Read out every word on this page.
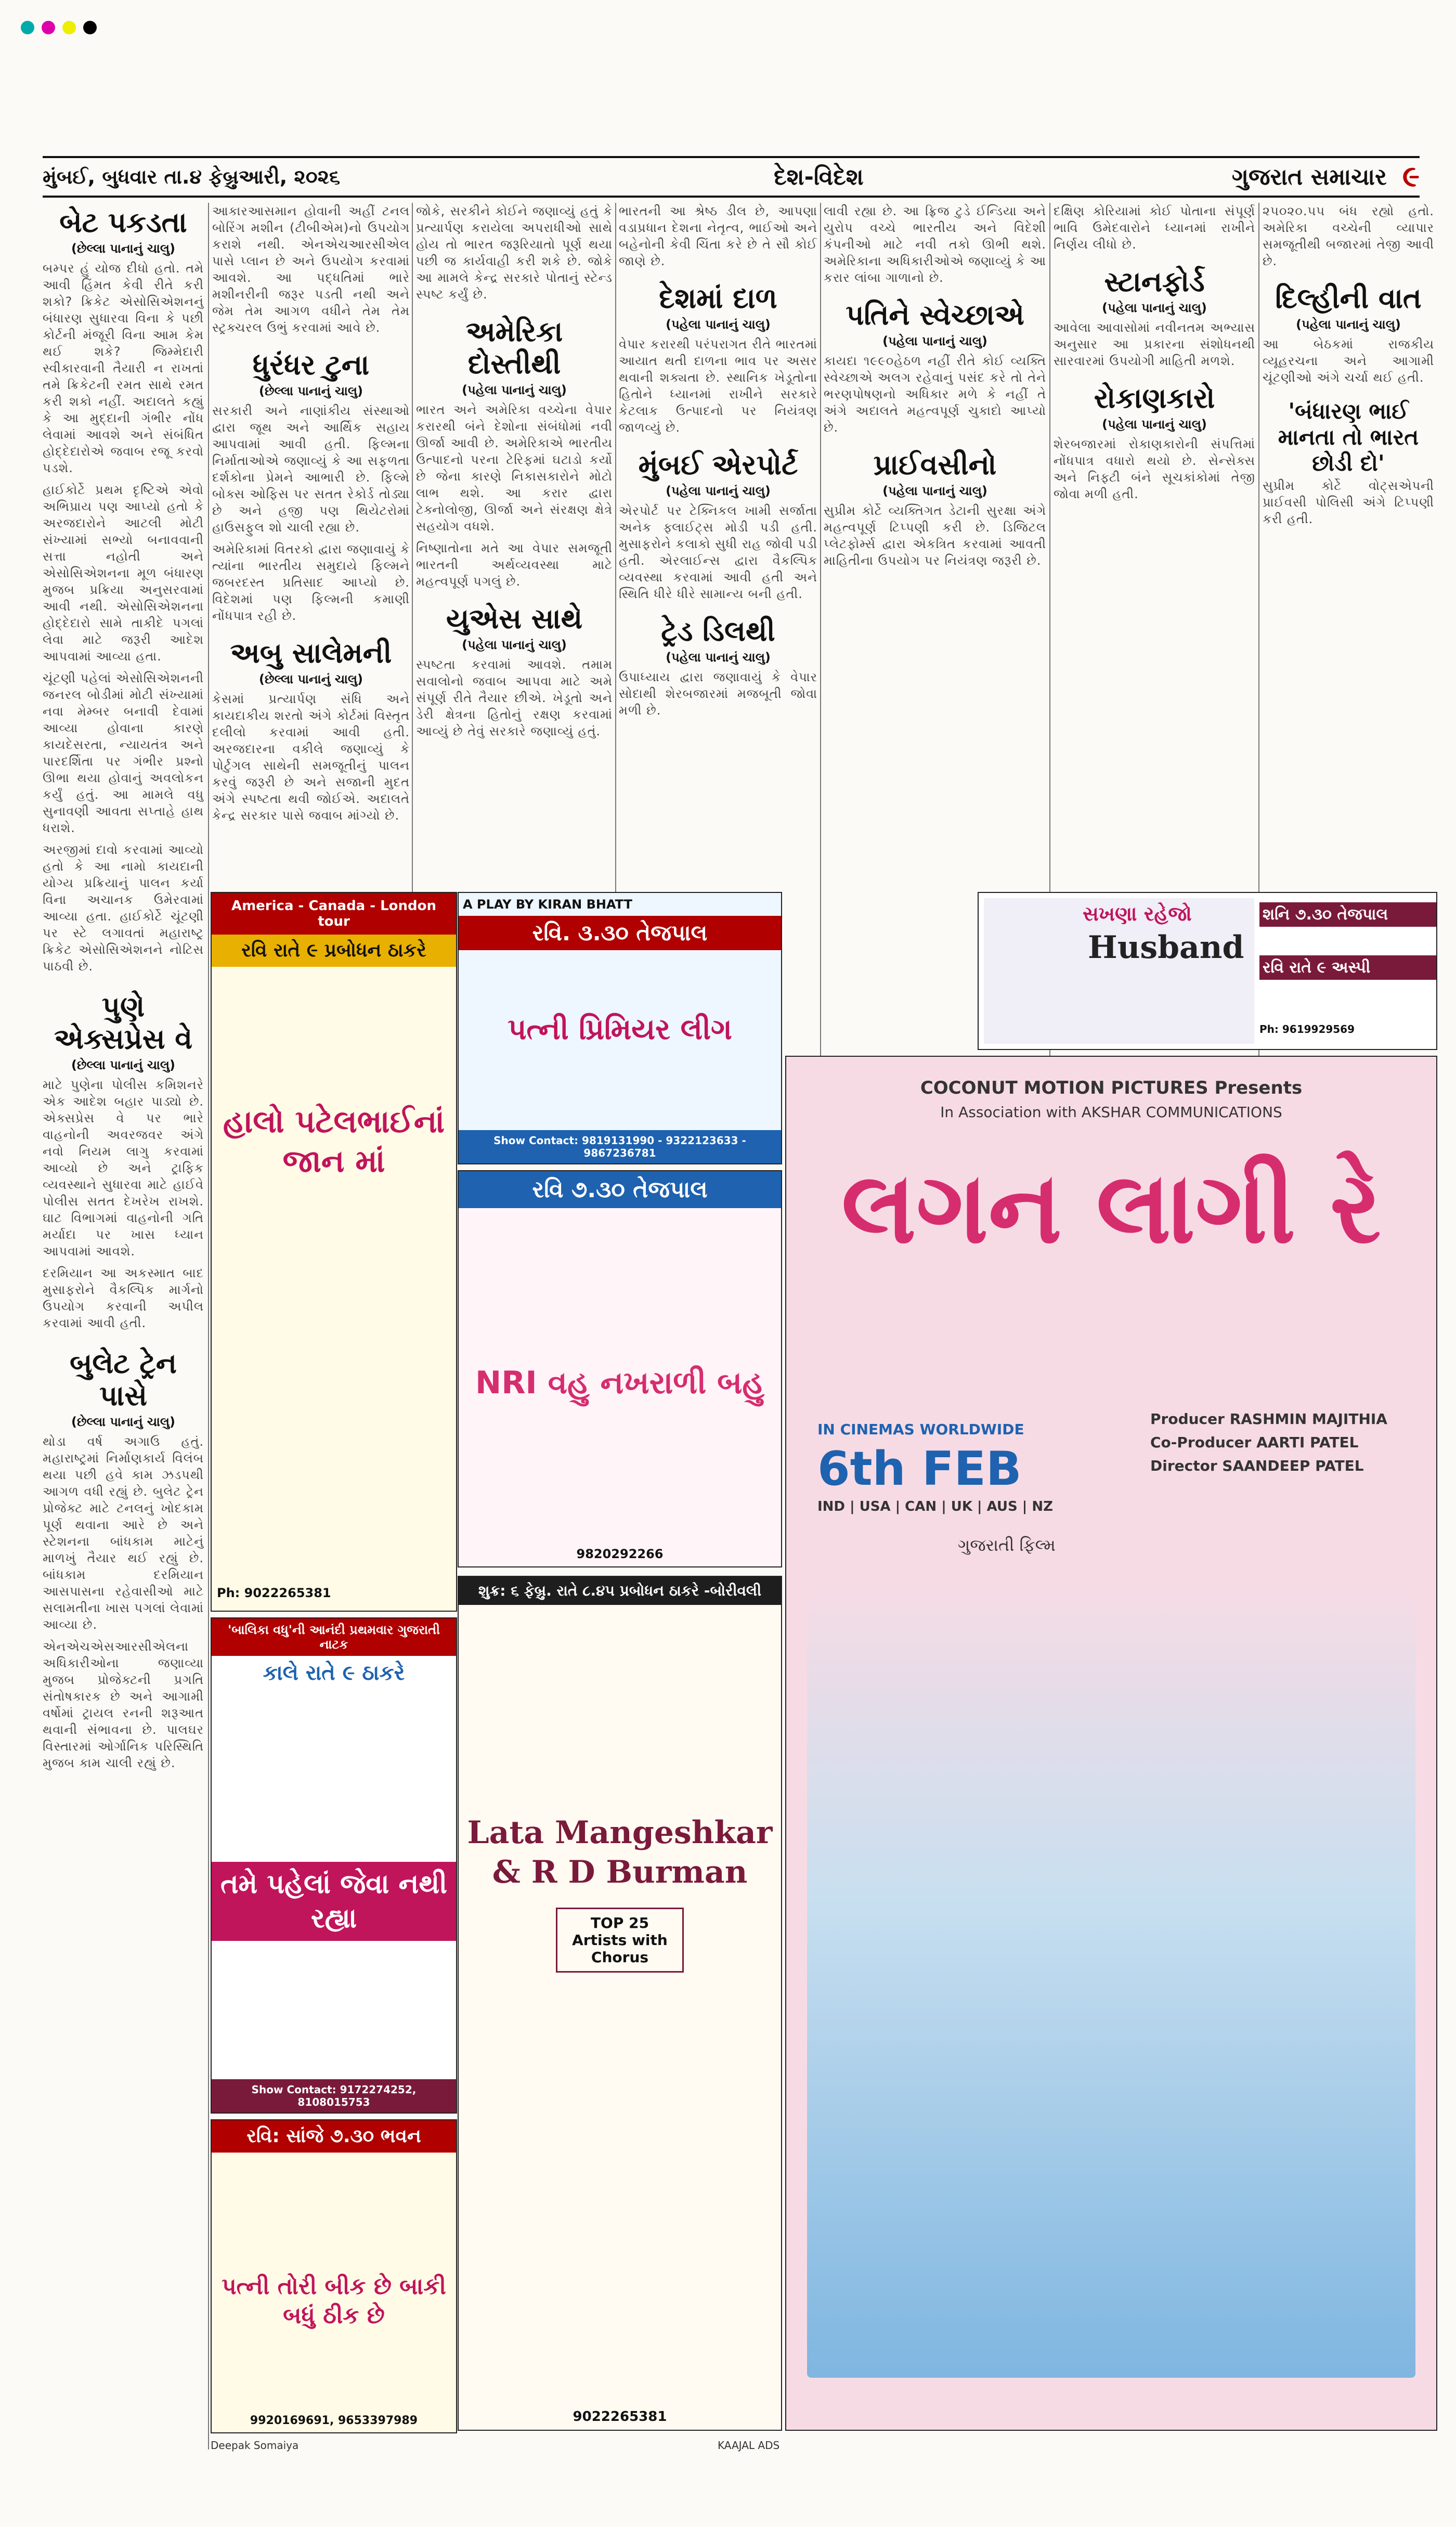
મુંબઈ, બુધવાર તા.૪ ફેબ્રુઆરી, ૨૦૨૬	દેશ-વિદેશ	ગુજરાત સમાચાર ૯
બેટ પકડતા
(છેલ્લા પાનાનું ચાલુ)

બમ્પર હું યોજ દીધો હતો. તમે આવી હિંમત કેવી રીતે કરી શકો? ક્રિકેટ એસોસિએશનનું બંધારણ સુધારવા વિના કે પછી કોર્ટની મંજૂરી વિના આમ કેમ થઈ શકે? જિમ્મેદારી સ્વીકારવાની તૈયારી ન રાખતાં તમે ક્રિકેટની રમત સાથે રમત કરી શકો નહીં. અદાલતે કહ્યું કે આ મુદ્દાની ગંભીર નોંધ લેવામાં આવશે અને સંબંધિત હોદ્દેદારોએ જવાબ રજૂ કરવો પડશે.

હાઈકોર્ટે પ્રથમ દૃષ્ટિએ એવો અભિપ્રાય પણ આપ્યો હતો કે અરજદારોને આટલી મોટી સંખ્યામાં સભ્યો બનાવવાની સત્તા નહોતી અને એસોસિએશનના મૂળ બંધારણ મુજબ પ્રક્રિયા અનુસરવામાં આવી નથી. એસોસિએશનના હોદ્દેદારો સામે તાકીદે પગલાં લેવા માટે જરૂરી આદેશ આપવામાં આવ્યા હતા.

ચૂંટણી પહેલાં એસોસિએશનની જનરલ બોડીમાં મોટી સંખ્યામાં નવા મેમ્બર બનાવી દેવામાં આવ્યા હોવાના કારણે કાયદેસરતા, ન્યાયતંત્ર અને પારદર્શિતા પર ગંભીર પ્રશ્નો ઊભા થયા હોવાનું અવલોકન કર્યું હતું. આ મામલે વધુ સુનાવણી આવતા સપ્તાહે હાથ ધરાશે.

અરજીમાં દાવો કરવામાં આવ્યો હતો કે આ નામો કાયદાની યોગ્ય પ્રક્રિયાનું પાલન કર્યા વિના અચાનક ઉમેરવામાં આવ્યા હતા. હાઈકોર્ટે ચૂંટણી પર સ્ટે લગાવતાં મહારાષ્ટ્ર ક્રિકેટ એસોસિએશનને નોટિસ પાઠવી છે.

પુણે એક્સપ્રેસ વે
(છેલ્લા પાનાનું ચાલુ)

માટે પુણેના પોલીસ કમિશનરે એક આદેશ બહાર પાડ્યો છે. એક્સપ્રેસ વે પર ભારે વાહનોની અવરજવર અંગે નવો નિયમ લાગુ કરવામાં આવ્યો છે અને ટ્રાફિક વ્યવસ્થાને સુધારવા માટે હાઈવે પોલીસ સતત દેખરેખ રાખશે. ઘાટ વિભાગમાં વાહનોની ગતિ મર્યાદા પર ખાસ ધ્યાન આપવામાં આવશે.

દરમિયાન આ અકસ્માત બાદ મુસાફરોને વૈકલ્પિક માર્ગનો ઉપયોગ કરવાની અપીલ કરવામાં આવી હતી.

બુલેટ ટ્રેન પાસે
(છેલ્લા પાનાનું ચાલુ)

થોડા વર્ષ અગાઉ હતું. મહારાષ્ટ્રમાં નિર્માણકાર્ય વિલંબ થયા પછી હવે કામ ઝડપથી આગળ વધી રહ્યું છે. બુલેટ ટ્રેન પ્રોજેક્ટ માટે ટનલનું ખોદકામ પૂર્ણ થવાના આરે છે અને સ્ટેશનના બાંધકામ માટેનું માળખું તૈયાર થઈ રહ્યું છે. બાંધકામ દરમિયાન આસપાસના રહેવાસીઓ માટે સલામતીના ખાસ પગલાં લેવામાં આવ્યા છે.

એનએચએસઆરસીએલના અધિકારીઓના જણાવ્યા મુજબ પ્રોજેક્ટની પ્રગતિ સંતોષકારક છે અને આગામી વર્ષોમાં ટ્રાયલ રનની શરૂઆત થવાની સંભાવના છે. પાલઘર વિસ્તારમાં ઓર્ગાનિક પરિસ્થિતિ મુજબ કામ ચાલી રહ્યું છે.

આકારઆસમાન હોવાની અહીં ટનલ બોરિંગ મશીન (ટીબીએમ)નો ઉપયોગ કરાશે નથી. એનએચઆરસીએલ પાસે પ્લાન છે અને ઉપયોગ કરવામાં આવશે. આ પદ્ધતિમાં ભારે મશીનરીની જરૂર પડતી નથી અને જેમ તેમ આગળ વધીને તેમ તેમ સ્ટ્રક્ચરલ ઉભું કરવામાં આવે છે.

ધુરંધર ટુના
(છેલ્લા પાનાનું ચાલુ)

સરકારી અને નાણાંકીય સંસ્થાઓ દ્વારા જૂથ અને આર્થિક સહાય આપવામાં આવી હતી. ફિલ્મના નિર્માતાઓએ જણાવ્યું કે આ સફળતા દર્શકોના પ્રેમને આભારી છે. ફિલ્મે બોક્સ ઓફિસ પર સતત રેકોર્ડ તોડ્યા છે અને હજી પણ થિયેટરોમાં હાઉસફુલ શો ચાલી રહ્યા છે.

અમેરિકામાં વિતરકો દ્વારા જણાવાયું કે ત્યાંના ભારતીય સમુદાયે ફિલ્મને જબરદસ્ત પ્રતિસાદ આપ્યો છે. વિદેશમાં પણ ફિલ્મની કમાણી નોંધપાત્ર રહી છે.

અબુ સાલેમની
(છેલ્લા પાનાનું ચાલુ)

કેસમાં પ્રત્યાર્પણ સંધિ અને કાયદાકીય શરતો અંગે કોર્ટમાં વિસ્તૃત દલીલો કરવામાં આવી હતી. અરજદારના વકીલે જણાવ્યું કે પોર્ટુગલ સાથેની સમજૂતીનું પાલન કરવું જરૂરી છે અને સજાની મુદત અંગે સ્પષ્ટતા થવી જોઈએ. અદાલતે કેન્દ્ર સરકાર પાસે જવાબ માંગ્યો છે.

જોકે, સરકીને કોઈને જણાવ્યું હતું કે પ્રત્યાર્પણ કરાયેલા અપરાધીઓ સાથે હોય તો ભારત જરૂરિયાતો પૂર્ણ થયા પછી જ કાર્યવાહી કરી શકે છે. જોકે આ મામલે કેન્દ્ર સરકારે પોતાનું સ્ટેન્ડ સ્પષ્ટ કર્યું છે.

અમેરિકા દોસ્તીથી
(પહેલા પાનાનું ચાલુ)

ભારત અને અમેરિકા વચ્ચેના વેપાર કરારથી બંને દેશોના સંબંધોમાં નવી ઊર્જા આવી છે. અમેરિકાએ ભારતીય ઉત્પાદનો પરના ટેરિફમાં ઘટાડો કર્યો છે જેના કારણે નિકાસકારોને મોટો લાભ થશે. આ કરાર દ્વારા ટેક્નોલોજી, ઊર્જા અને સંરક્ષણ ક્ષેત્રે સહયોગ વધશે.

નિષ્ણાતોના મતે આ વેપાર સમજૂતી ભારતની અર્થવ્યવસ્થા માટે મહત્વપૂર્ણ પગલું છે.

યુએસ સાથે
(પહેલા પાનાનું ચાલુ)

સ્પષ્ટતા કરવામાં આવશે. તમામ સવાલોનો જવાબ આપવા માટે અમે સંપૂર્ણ રીતે તૈયાર છીએ. ખેડૂતો અને ડેરી ક્ષેત્રના હિતોનું રક્ષણ કરવામાં આવ્યું છે તેવું સરકારે જણાવ્યું હતું.

ભારતની આ શ્રેષ્ઠ ડીલ છે, આપણા વડાપ્રધાન દેશના નેતૃત્વ, ભાઈઓ અને બહેનોની કેવી ચિંતા કરે છે તે સૌ કોઈ જાણે છે.

દેશમાં દાળ
(પહેલા પાનાનું ચાલુ)

વેપાર કરારથી પરંપરાગત રીતે ભારતમાં આયાત થતી દાળના ભાવ પર અસર થવાની શક્યતા છે. સ્થાનિક ખેડૂતોના હિતોને ધ્યાનમાં રાખીને સરકારે કેટલાક ઉત્પાદનો પર નિયંત્રણ જાળવ્યું છે.

મુંબઈ એરપોર્ટ
(પહેલા પાનાનું ચાલુ)

એરપોર્ટ પર ટેક્નિકલ ખામી સર્જાતા અનેક ફ્લાઈટ્સ મોડી પડી હતી. મુસાફરોને કલાકો સુધી રાહ જોવી પડી હતી. એરલાઈન્સ દ્વારા વૈકલ્પિક વ્યવસ્થા કરવામાં આવી હતી અને સ્થિતિ ધીરે ધીરે સામાન્ય બની હતી.

ટ્રેડ ડિલથી
(પહેલા પાનાનું ચાલુ)

ઉપાધ્યાય દ્વારા જણાવાયું કે વેપાર સોદાથી શેરબજારમાં મજબૂતી જોવા મળી છે.

લાવી રહ્યા છે. આ ફ્રિજ ટુડે ઈન્ડિયા અને યુરોપ વચ્ચે ભારતીય અને વિદેશી કંપનીઓ માટે નવી તકો ઊભી થશે. અમેરિકાના અધિકારીઓએ જણાવ્યું કે આ કરાર લાંબા ગાળાનો છે.

પતિને સ્વેચ્છાએ
(પહેલા પાનાનું ચાલુ)

કાયદા ૧૯૯૦હેઠળ નહીં રીતે કોઈ વ્યક્તિ સ્વેચ્છાએ અલગ રહેવાનું પસંદ કરે તો તેને ભરણપોષણનો અધિકાર મળે કે નહીં તે અંગે અદાલતે મહત્વપૂર્ણ ચુકાદો આપ્યો છે.

પ્રાઈવસીનો
(પહેલા પાનાનું ચાલુ)

સુપ્રીમ કોર્ટે વ્યક્તિગત ડેટાની સુરક્ષા અંગે મહત્વપૂર્ણ ટિપ્પણી કરી છે. ડિજિટલ પ્લેટફોર્મ્સ દ્વારા એકત્રિત કરવામાં આવતી માહિતીના ઉપયોગ પર નિયંત્રણ જરૂરી છે.

દક્ષિણ કોરિયામાં કોઈ પોતાના સંપૂર્ણ ભાવિ ઉમેદવારોને ધ્યાનમાં રાખીને નિર્ણય લીધો છે.

સ્ટાનફોર્ડ
(પહેલા પાનાનું ચાલુ)

આવેલા આવાસોમાં નવીનતમ અભ્યાસ અનુસાર આ પ્રકારના સંશોધનથી સારવારમાં ઉપયોગી માહિતી મળશે.

રોકાણકારો
(પહેલા પાનાનું ચાલુ)

શેરબજારમાં રોકાણકારોની સંપત્તિમાં નોંધપાત્ર વધારો થયો છે. સેન્સેક્સ અને નિફ્ટી બંને સૂચકાંકોમાં તેજી જોવા મળી હતી.

૨૫૦૨૦.૫૫ બંધ રહ્યો હતો. અમેરિકા વચ્ચેની વ્યાપાર સમજૂતીથી બજારમાં તેજી આવી છે.

દિલ્હીની વાત
(પહેલા પાનાનું ચાલુ)

આ બેઠકમાં રાજકીય વ્યૂહરચના અને આગામી ચૂંટણીઓ અંગે ચર્ચા થઈ હતી.

'બંધારણ ભાઈ માનતા તો ભારત છોડી દો'

સુપ્રીમ કોર્ટે વોટ્સએપની પ્રાઈવસી પોલિસી અંગે ટિપ્પણી કરી હતી.

સખણા રહેજો
Husband
શનિ ૭.૩૦ તેજપાલ
રવિ રાતે ૯ અસ્પી
Ph: 9619929569
COCONUT MOTION PICTURES Presents
In Association with AKSHAR COMMUNICATIONS
લગન લાગી રે
Producer RASHMIN MAJITHIA
Co-Producer AARTI PATEL
Director SAANDEEP PATEL
IN CINEMAS WORLDWIDE
6th FEB
IND | USA | CAN | UK | AUS | NZ
ગુજરાતી ફિલ્મ
America - Canada - London tour
રવિ રાતે ૯ પ્રબોધન ઠાકરે
હાલો પટેલભાઈનાં જાન માં
Ph: 9022265381
A PLAY BY KIRAN BHATT
રવિ. ૩.૩૦ તેજપાલ
પત્ની પ્રિમિયર લીગ
Show Contact: 9819131990 - 9322123633 - 9867236781
'બાલિકા વધુ'ની આનંદી પ્રથમવાર ગુજરાતી નાટક
કાલે રાતે ૯ ઠાકરે
તમે પહેલાં જેવા નથી રહ્યા
Show Contact: 9172274252, 8108015753
રવિ ૭.૩૦ તેજપાલ
NRI વહુ નખરાળી બહુ
9820292266
રવિ: સાંજે ૭.૩૦ ભવન
પત્ની તોરી બીક છે બાકી બધું ઠીક છે
9920169691, 9653397989
શુક્ર: ૬ ફેબ્રુ. રાતે ૮.૪૫ પ્રબોધન ઠાકરે -બોરીવલી
Lata Mangeshkar & R D Burman
TOP 25 Artists with Chorus
9022265381
KAAJAL ADS
Deepak Somaiya
